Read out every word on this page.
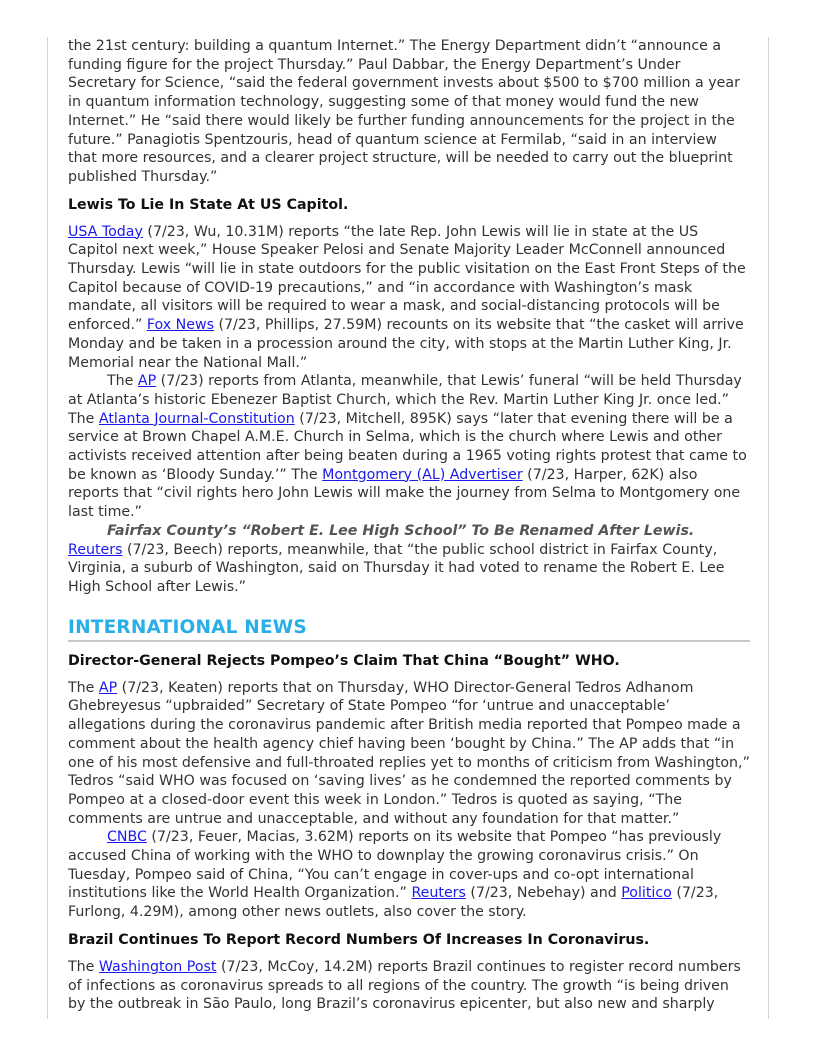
the 21st century: building a quantum Internet.” The Energy Department didn’t “announce a funding figure for the project Thursday.” Paul Dabbar, the Energy Department’s Under Secretary for Science, “said the federal government invests about $500 to $700 million a year in quantum information technology, suggesting some of that money would fund the new Internet.” He “said there would likely be further funding announcements for the project in the future.” Panagiotis Spentzouris, head of quantum science at Fermilab, “said in an interview that more resources, and a clearer project structure, will be needed to carry out the blueprint published Thursday.”

Lewis To Lie In State At US Capitol.

USA Today (7/23, Wu, 10.31M) reports “the late Rep. John Lewis will lie in state at the US Capitol next week,” House Speaker Pelosi and Senate Majority Leader McConnell announced Thursday. Lewis “will lie in state outdoors for the public visitation on the East Front Steps of the Capitol because of COVID-19 precautions,” and “in accordance with Washington’s mask mandate, all visitors will be required to wear a mask, and social-distancing protocols will be enforced.” Fox News (7/23, Phillips, 27.59M) recounts on its website that “the casket will arrive Monday and be taken in a procession around the city, with stops at the Martin Luther King, Jr. Memorial near the National Mall.”

The AP (7/23) reports from Atlanta, meanwhile, that Lewis’ funeral “will be held Thursday at Atlanta’s historic Ebenezer Baptist Church, which the Rev. Martin Luther King Jr. once led.” The Atlanta Journal-Constitution (7/23, Mitchell, 895K) says “later that evening there will be a service at Brown Chapel A.M.E. Church in Selma, which is the church where Lewis and other activists received attention after being beaten during a 1965 voting rights protest that came to be known as ‘Bloody Sunday.’” The Montgomery (AL) Advertiser (7/23, Harper, 62K) also reports that “civil rights hero John Lewis will make the journey from Selma to Montgomery one last time.”

Fairfax County’s “Robert E. Lee High School” To Be Renamed After Lewis.

Reuters (7/23, Beech) reports, meanwhile, that “the public school district in Fairfax County, Virginia, a suburb of Washington, said on Thursday it had voted to rename the Robert E. Lee High School after Lewis.”

INTERNATIONAL NEWS
Director-General Rejects Pompeo’s Claim That China “Bought” WHO.

The AP (7/23, Keaten) reports that on Thursday, WHO Director-General Tedros Adhanom Ghebreyesus “upbraided” Secretary of State Pompeo “for ‘untrue and unacceptable’ allegations during the coronavirus pandemic after British media reported that Pompeo made a comment about the health agency chief having been ‘bought by China.” The AP adds that “in one of his most defensive and full-throated replies yet to months of criticism from Washington,” Tedros “said WHO was focused on ‘saving lives’ as he condemned the reported comments by Pompeo at a closed-door event this week in London.” Tedros is quoted as saying, “The comments are untrue and unacceptable, and without any foundation for that matter.”

CNBC (7/23, Feuer, Macias, 3.62M) reports on its website that Pompeo “has previously accused China of working with the WHO to downplay the growing coronavirus crisis.” On Tuesday, Pompeo said of China, “You can’t engage in cover-ups and co-opt international institutions like the World Health Organization.” Reuters (7/23, Nebehay) and Politico (7/23, Furlong, 4.29M), among other news outlets, also cover the story.

Brazil Continues To Report Record Numbers Of Increases In Coronavirus.

The Washington Post (7/23, McCoy, 14.2M) reports Brazil continues to register record numbers of infections as coronavirus spreads to all regions of the country. The growth “is being driven by the outbreak in São Paulo, long Brazil’s coronavirus epicenter, but also new and sharply
